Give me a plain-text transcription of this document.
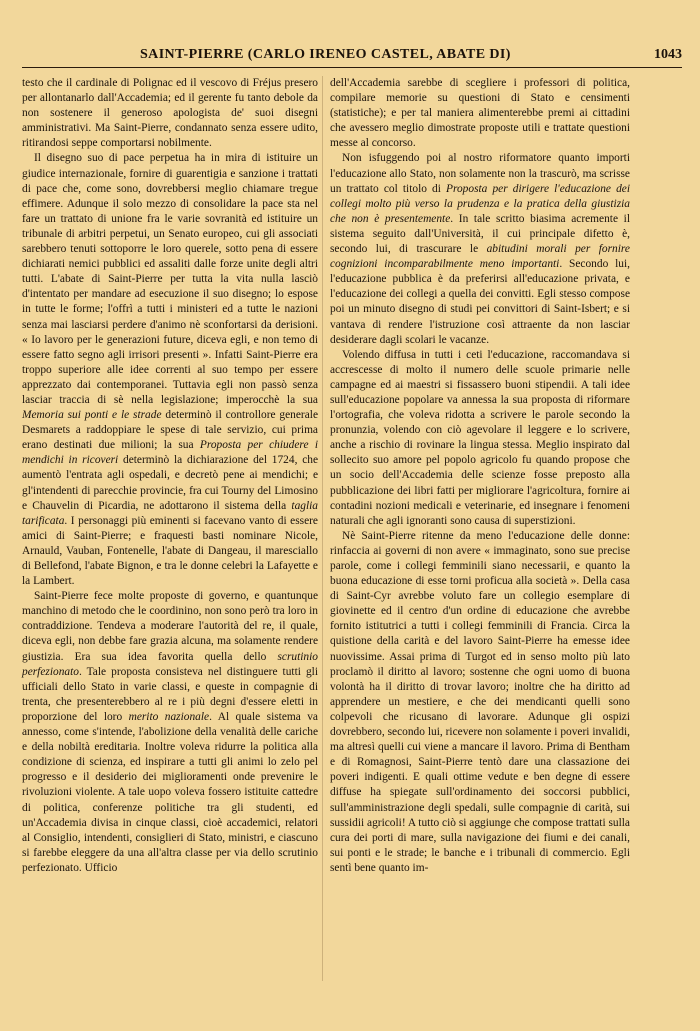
SAINT-PIERRE (CARLO IRENEO CASTEL, ABATE DI)	1043

testo che il cardinale di Polignac ed il vescovo di Fréjus presero per allontanarlo dall'Accademia; ed il gerente fu tanto debole da non sostenere il generoso apologista de' suoi disegni amministrativi. Ma Saint-Pierre, condannato senza essere udito, ritirandosi seppe comportarsi nobilmente.

Il disegno suo di pace perpetua ha in mira di istituire un giudice internazionale, fornire di guarentigia e sanzione i trattati di pace che, come sono, dovrebbersi meglio chiamare tregue effimere. Adunque il solo mezzo di consolidare la pace sta nel fare un trattato di unione fra le varie sovranità ed istituire un tribunale di arbitri perpetui, un Senato europeo, cui gli associati sarebbero tenuti sottoporre le loro querele, sotto pena di essere dichiarati nemici pubblici ed assaliti dalle forze unite degli altri tutti. L'abate di Saint-Pierre per tutta la vita nulla lasciò d'intentato per mandare ad esecuzione il suo disegno; lo espose in tutte le forme; l'offrì a tutti i ministeri ed a tutte le nazioni senza mai lasciarsi perdere d'animo nè sconfortarsi da derisioni. « Io lavoro per le generazioni future, diceva egli, e non temo di essere fatto segno agli irrisori presenti ». Infatti Saint-Pierre era troppo superiore alle idee correnti al suo tempo per essere apprezzato dai contemporanei. Tuttavia egli non passò senza lasciar traccia di sè nella legislazione; imperocchè la sua Memoria sui ponti e le strade determinò il controllore generale Desmarets a raddoppiare le spese di tale servizio, cui prima erano destinati due milioni; la sua Proposta per chiudere i mendichi in ricoveri determinò la dichiarazione del 1724, che aumentò l'entrata agli ospedali, e decretò pene ai mendichi; e gl'intendenti di parecchie provincie, fra cui Tourny del Limosino e Chauvelin di Picardia, ne adottarono il sistema della taglia tarificata. I personaggi più eminenti si facevano vanto di essere amici di Saint-Pierre; e fraquesti basti nominare Nicole, Arnauld, Vauban, Fontenelle, l'abate di Dangeau, il maresciallo di Bellefond, l'abate Bignon, e tra le donne celebri la Lafayette e la Lambert.

Saint-Pierre fece molte proposte di governo, e quantunque manchino di metodo che le coordinino, non sono però tra loro in contraddizione. Tendeva a moderare l'autorità del re, il quale, diceva egli, non debbe fare grazia alcuna, ma solamente rendere giustizia. Era sua idea favorita quella dello scrutinio perfezionato. Tale proposta consisteva nel distinguere tutti gli ufficiali dello Stato in varie classi, e queste in compagnie di trenta, che presenterebbero al re i più degni d'essere eletti in proporzione del loro merito nazionale. Al quale sistema va annesso, come s'intende, l'abolizione della venalità delle cariche e della nobiltà ereditaria. Inoltre voleva ridurre la politica alla condizione di scienza, ed inspirare a tutti gli animi lo zelo pel progresso e il desiderio dei miglioramenti onde prevenire le rivoluzioni violente. A tale uopo voleva fossero istituite cattedre di politica, conferenze politiche tra gli studenti, ed un'Accademia divisa in cinque classi, cioè accademici, relatori al Consiglio, intendenti, consiglieri di Stato, ministri, e ciascuno si farebbe eleggere da una all'altra classe per via dello scrutinio perfezionato. Ufficio

dell'Accademia sarebbe di scegliere i professori di politica, compilare memorie su questioni di Stato e censimenti (statistiche); e per tal maniera alimenterebbe premi ai cittadini che avessero meglio dimostrate proposte utili e trattate questioni messe al concorso.

Non isfuggendo poi al nostro riformatore quanto importi l'educazione allo Stato, non solamente non la trascurò, ma scrisse un trattato col titolo di Proposta per dirigere l'educazione dei collegi molto più verso la prudenza e la pratica della giustizia che non è presentemente. In tale scritto biasima acremente il sistema seguito dall'Università, il cui principale difetto è, secondo lui, di trascurare le abitudini morali per fornire cognizioni incomparabilmente meno importanti. Secondo lui, l'educazione pubblica è da preferirsi all'educazione privata, e l'educazione dei collegi a quella dei convitti. Egli stesso compose poi un minuto disegno di studi pei convittori di Saint-Isbert; e si vantava di rendere l'istruzione così attraente da non lasciar desiderare dagli scolari le vacanze.

Volendo diffusa in tutti i ceti l'educazione, raccomandava si accrescesse di molto il numero delle scuole primarie nelle campagne ed ai maestri si fissassero buoni stipendii. A tali idee sull'educazione popolare va annessa la sua proposta di riformare l'ortografia, che voleva ridotta a scrivere le parole secondo la pronunzia, volendo con ciò agevolare il leggere e lo scrivere, anche a rischio di rovinare la lingua stessa. Meglio inspirato dal sollecito suo amore pel popolo agricolo fu quando propose che un socio dell'Accademia delle scienze fosse preposto alla pubblicazione dei libri fatti per migliorare l'agricoltura, fornire ai contadini nozioni medicali e veterinarie, ed insegnare i fenomeni naturali che agli ignoranti sono causa di superstizioni.

Nè Saint-Pierre ritenne da meno l'educazione delle donne: rinfaccia ai governi di non avere « immaginato, sono sue precise parole, come i collegi femminili siano necessarii, e quanto la buona educazione di esse torni proficua alla società ». Della casa di Saint-Cyr avrebbe voluto fare un collegio esemplare di giovinette ed il centro d'un ordine di educazione che avrebbe fornito istitutrici a tutti i collegi femminili di Francia. Circa la quistione della carità e del lavoro Saint-Pierre ha emesse idee nuovissime. Assai prima di Turgot ed in senso molto più lato proclamò il diritto al lavoro; sostenne che ogni uomo di buona volontà ha il diritto di trovar lavoro; inoltre che ha diritto ad apprendere un mestiere, e che dei mendicanti quelli sono colpevoli che ricusano di lavorare. Adunque gli ospizi dovrebbero, secondo lui, ricevere non solamente i poveri invalidi, ma altresì quelli cui viene a mancare il lavoro. Prima di Bentham e di Romagnosi, Saint-Pierre tentò dare una classazione dei poveri indigenti. E quali ottime vedute e ben degne di essere diffuse ha spiegate sull'ordinamento dei soccorsi pubblici, sull'amministrazione degli spedali, sulle compagnie di carità, sui sussidii agricoli! A tutto ciò si aggiunge che compose trattati sulla cura dei porti di mare, sulla navigazione dei fiumi e dei canali, sui ponti e le strade; le banche e i tribunali di commercio. Egli sentì bene quanto im-
